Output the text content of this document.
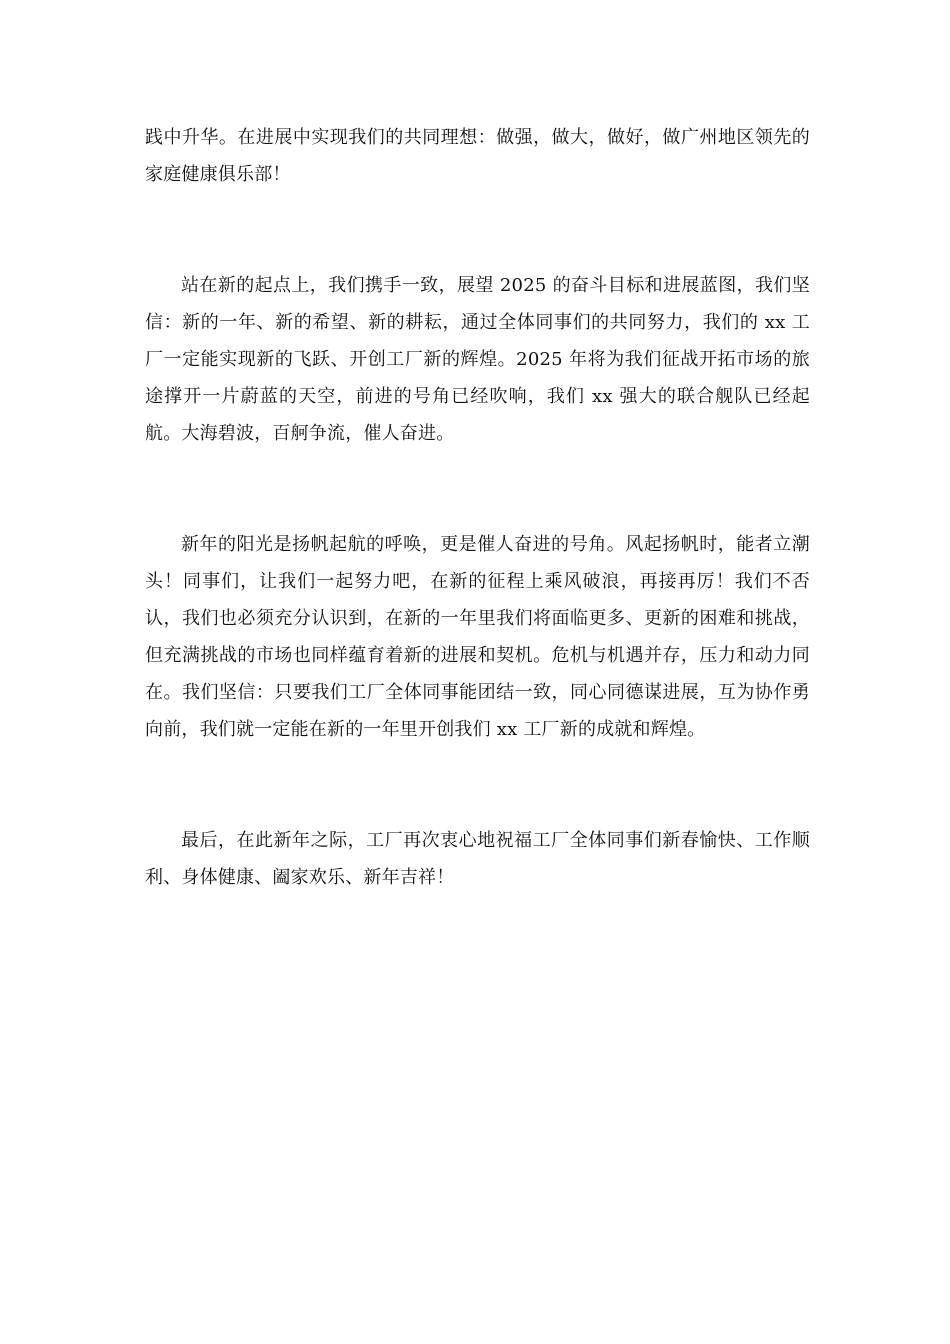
践中升华。在进展中实现我们的共同理想：做强，做大，做好，做广州地区领先的家庭健康俱乐部！

站在新的起点上，我们携手一致，展望 2025 的奋斗目标和进展蓝图，我们坚信：新的一年、新的希望、新的耕耘，通过全体同事们的共同努力，我们的 xx 工厂一定能实现新的飞跃、开创工厂新的辉煌。2025 年将为我们征战开拓市场的旅途撑开一片蔚蓝的天空，前进的号角已经吹响，我们 xx 强大的联合舰队已经起航。大海碧波，百舸争流，催人奋进。

新年的阳光是扬帆起航的呼唤，更是催人奋进的号角。风起扬帆时，能者立潮头！同事们，让我们一起努力吧，在新的征程上乘风破浪，再接再厉！我们不否认，我们也必须充分认识到，在新的一年里我们将面临更多、更新的困难和挑战，但充满挑战的市场也同样蕴育着新的进展和契机。危机与机遇并存，压力和动力同在。我们坚信：只要我们工厂全体同事能团结一致，同心同德谋进展，互为协作勇向前，我们就一定能在新的一年里开创我们 xx 工厂新的成就和辉煌。

最后，在此新年之际，工厂再次衷心地祝福工厂全体同事们新春愉快、工作顺利、身体健康、阖家欢乐、新年吉祥！
